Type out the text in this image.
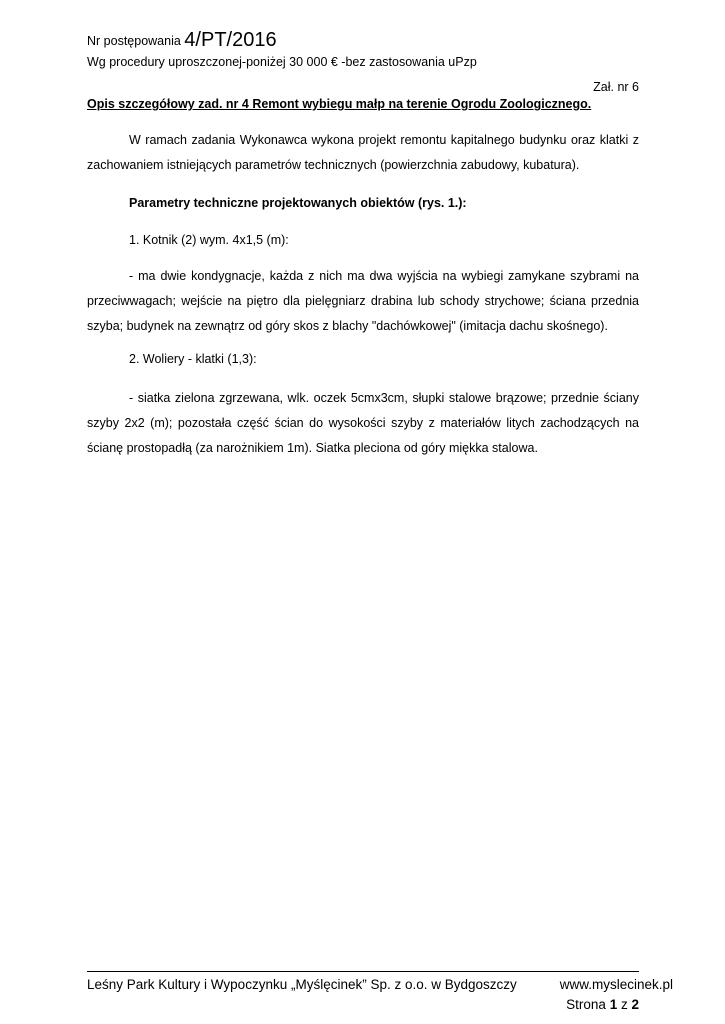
Nr postępowania 4/PT/2016
Wg procedury uproszczonej-poniżej 30 000 € -bez zastosowania uPzp
Zał. nr 6
Opis szczegółowy zad. nr 4 Remont wybiegu małp na terenie Ogrodu Zoologicznego.
W ramach zadania Wykonawca wykona projekt remontu kapitalnego budynku oraz klatki z zachowaniem istniejących parametrów technicznych (powierzchnia zabudowy, kubatura).
Parametry techniczne projektowanych obiektów (rys. 1.):
1. Kotnik (2) wym. 4x1,5 (m):
- ma dwie kondygnacje, każda z nich ma dwa wyjścia na wybiegi zamykane szybrami na przeciwwagach; wejście na piętro dla pielęgniarz drabina lub schody strychowe; ściana przednia szyba; budynek na zewnątrz od góry skos z blachy "dachówkowej" (imitacja dachu skośnego).
2. Woliery - klatki (1,3):
- siatka zielona zgrzewana, wlk. oczek 5cmx3cm, słupki stalowe brązowe; przednie ściany szyby 2x2 (m); pozostała część ścian do wysokości szyby z materiałów litych zachodzących na ścianę prostopadłą (za narożnikiem 1m). Siatka pleciona od góry miękka stalowa.
Leśny Park Kultury i Wypoczynku „Myślęcinek” Sp. z o.o. w Bydgoszczy	www.myslecinek.pl
Strona 1 z 2
